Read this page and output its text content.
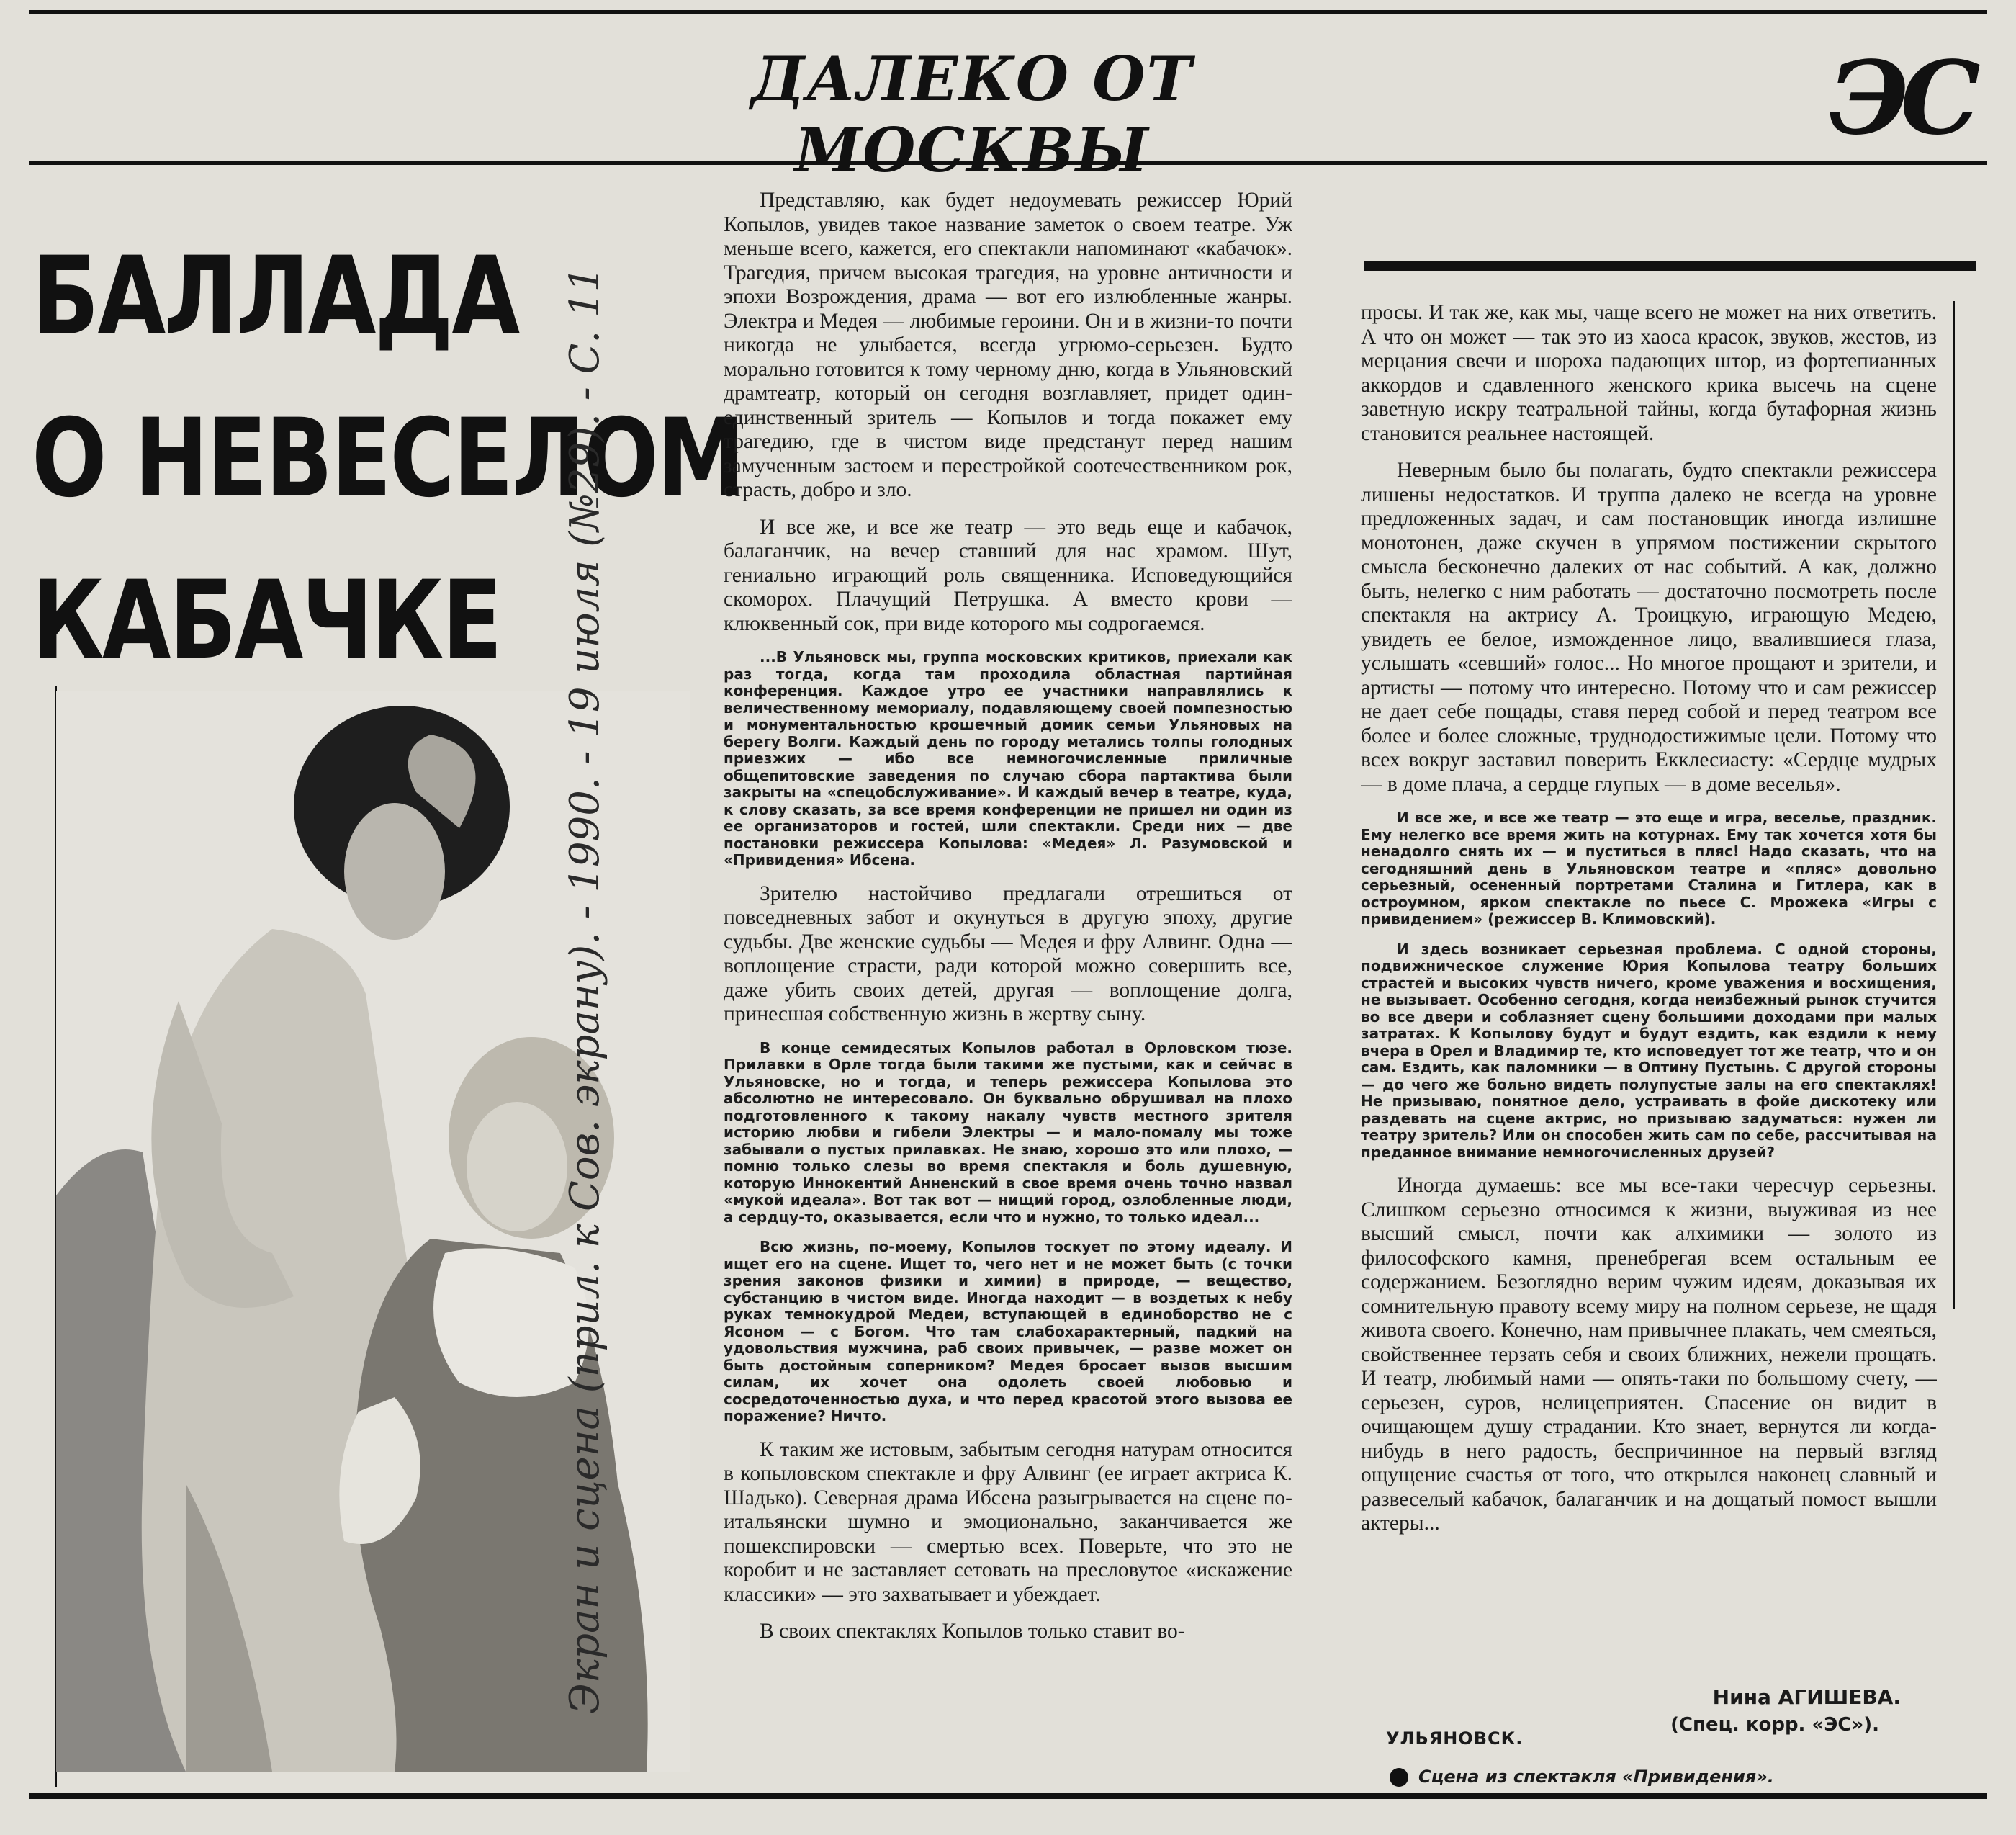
ДАЛЕКО ОТ МОСКВЫ	ЭС
БАЛЛАДА
О НЕВЕСЕЛОМ
КАБАЧКЕ	Экран и сцена (прил. к Сов. экрану). - 1990. - 19 июля (№29). - С. 11

Представляю, как будет недоумевать режиссер Юрий Копылов, увидев такое название заметок о своем театре. Уж меньше всего, кажется, его спектакли напоминают «кабачок». Трагедия, причем высокая трагедия, на уровне античности и эпохи Возрождения, драма — вот его излюбленные жанры. Электра и Медея — любимые героини. Он и в жизни-то почти никогда не улыбается, всегда угрюмо-серьезен. Будто морально готовится к тому черному дню, когда в Ульяновский драмтеатр, который он сегодня возглавляет, придет один-единственный зритель — Копылов и тогда покажет ему трагедию, где в чистом виде предстанут перед нашим замученным застоем и перестройкой соотечественником рок, страсть, добро и зло.

И все же, и все же театр — это ведь еще и кабачок, балаганчик, на вечер ставший для нас храмом. Шут, гениально играющий роль священника. Исповедующийся скоморох. Плачущий Петрушка. А вместо крови — клюквенный сок, при виде которого мы содрогаемся.

...В Ульяновск мы, группа московских критиков, приехали как раз тогда, когда там проходила областная партийная конференция. Каждое утро ее участники направлялись к величественному мемориалу, подавляющему своей помпезностью и монументальностью крошечный домик семьи Ульяновых на берегу Волги. Каждый день по городу метались толпы голодных приезжих — ибо все немногочисленные приличные общепитовские заведения по случаю сбора партактива были закрыты на «спецобслуживание». И каждый вечер в театре, куда, к слову сказать, за все время конференции не пришел ни один из ее организаторов и гостей, шли спектакли. Среди них — две постановки режиссера Копылова: «Медея» Л. Разумовской и «Привидения» Ибсена.

Зрителю настойчиво предлагали отрешиться от повседневных забот и окунуться в другую эпоху, другие судьбы. Две женские судьбы — Медея и фру Алвинг. Одна — воплощение страсти, ради которой можно совершить все, даже убить своих детей, другая — воплощение долга, принесшая собственную жизнь в жертву сыну.

В конце семидесятых Копылов работал в Орловском тюзе. Прилавки в Орле тогда были такими же пустыми, как и сейчас в Ульяновске, но и тогда, и теперь режиссера Копылова это абсолютно не интересовало. Он буквально обрушивал на плохо подготовленного к такому накалу чувств местного зрителя историю любви и гибели Электры — и мало-помалу мы тоже забывали о пустых прилавках. Не знаю, хорошо это или плохо, — помню только слезы во время спектакля и боль душевную, которую Иннокентий Анненский в свое время очень точно назвал «мукой идеала». Вот так вот — нищий город, озлобленные люди, а сердцу-то, оказывается, если что и нужно, то только идеал...

Всю жизнь, по-моему, Копылов тоскует по этому идеалу. И ищет его на сцене. Ищет то, чего нет и не может быть (с точки зрения законов физики и химии) в природе, — вещество, субстанцию в чистом виде. Иногда находит — в воздетых к небу руках темнокудрой Медеи, вступающей в единоборство не с Ясоном — с Богом. Что там слабохарактерный, падкий на удовольствия мужчина, раб своих привычек, — разве может он быть достойным соперником? Медея бросает вызов высшим силам, их хочет она одолеть своей любовью и сосредоточенностью духа, и что перед красотой этого вызова ее поражение? Ничто.

К таким же истовым, забытым сегодня натурам относится в копыловском спектакле и фру Алвинг (ее играет актриса К. Шадько). Северная драма Ибсена разыгрывается на сцене по-итальянски шумно и эмоционально, заканчивается же пошекспировски — смертью всех. Поверьте, что это не коробит и не заставляет сетовать на пресловутое «искажение классики» — это захватывает и убеждает.

В своих спектаклях Копылов только ставит во-

просы. И так же, как мы, чаще всего не может на них ответить. А что он может — так это из хаоса красок, звуков, жестов, из мерцания свечи и шороха падающих штор, из фортепианных аккордов и сдавленного женского крика высечь на сцене заветную искру театральной тайны, когда бутафорная жизнь становится реальнее настоящей.

Неверным было бы полагать, будто спектакли режиссера лишены недостатков. И труппа далеко не всегда на уровне предложенных задач, и сам постановщик иногда излишне монотонен, даже скучен в упрямом постижении скрытого смысла бесконечно далеких от нас событий. А как, должно быть, нелегко с ним работать — достаточно посмотреть после спектакля на актрису А. Троицкую, играющую Медею, увидеть ее белое, изможденное лицо, ввалившиеся глаза, услышать «севший» голос... Но многое прощают и зрители, и артисты — потому что интересно. Потому что и сам режиссер не дает себе пощады, ставя перед собой и перед театром все более и более сложные, труднодостижимые цели. Потому что всех вокруг заставил поверить Екклесиасту: «Сердце мудрых — в доме плача, а сердце глупых — в доме веселья».

И все же, и все же театр — это еще и игра, веселье, праздник. Ему нелегко все время жить на котурнах. Ему так хочется хотя бы ненадолго снять их — и пуститься в пляс! Надо сказать, что на сегодняшний день в Ульяновском театре и «пляс» довольно серьезный, осененный портретами Сталина и Гитлера, как в остроумном, ярком спектакле по пьесе С. Мрожека «Игры с привидением» (режиссер В. Климовский).

И здесь возникает серьезная проблема. С одной стороны, подвижническое служение Юрия Копылова театру больших страстей и высоких чувств ничего, кроме уважения и восхищения, не вызывает. Особенно сегодня, когда неизбежный рынок стучится во все двери и соблазняет сцену большими доходами при малых затратах. К Копылову будут и будут ездить, как ездили к нему вчера в Орел и Владимир те, кто исповедует тот же театр, что и он сам. Ездить, как паломники — в Оптину Пустынь. С другой стороны — до чего же больно видеть полупустые залы на его спектаклях! Не призываю, понятное дело, устраивать в фойе дискотеку или раздевать на сцене актрис, но призываю задуматься: нужен ли театру зритель? Или он способен жить сам по себе, рассчитывая на преданное внимание немногочисленных друзей?

Иногда думаешь: все мы все-таки чересчур серьезны. Слишком серьезно относимся к жизни, выуживая из нее высший смысл, почти как алхимики — золото из философского камня, пренебрегая всем остальным ее содержанием. Безоглядно верим чужим идеям, доказывая их сомнительную правоту всему миру на полном серьезе, не щадя живота своего. Конечно, нам привычнее плакать, чем смеяться, свойственнее терзать себя и своих ближних, нежели прощать. И театр, любимый нами — опять-таки по большому счету, — серьезен, суров, нелицеприятен. Спасение он видит в очищающем душу страдании. Кто знает, вернутся ли когда-нибудь в него радость, беспричинное на первый взгляд ощущение счастья от того, что открылся наконец славный и развеселый кабачок, балаганчик и на дощатый помост вышли актеры...

Нина АГИШЕВА.
(Спец. корр. «ЭС»).
УЛЬЯНОВСК.
Сцена из спектакля «Привидения».
